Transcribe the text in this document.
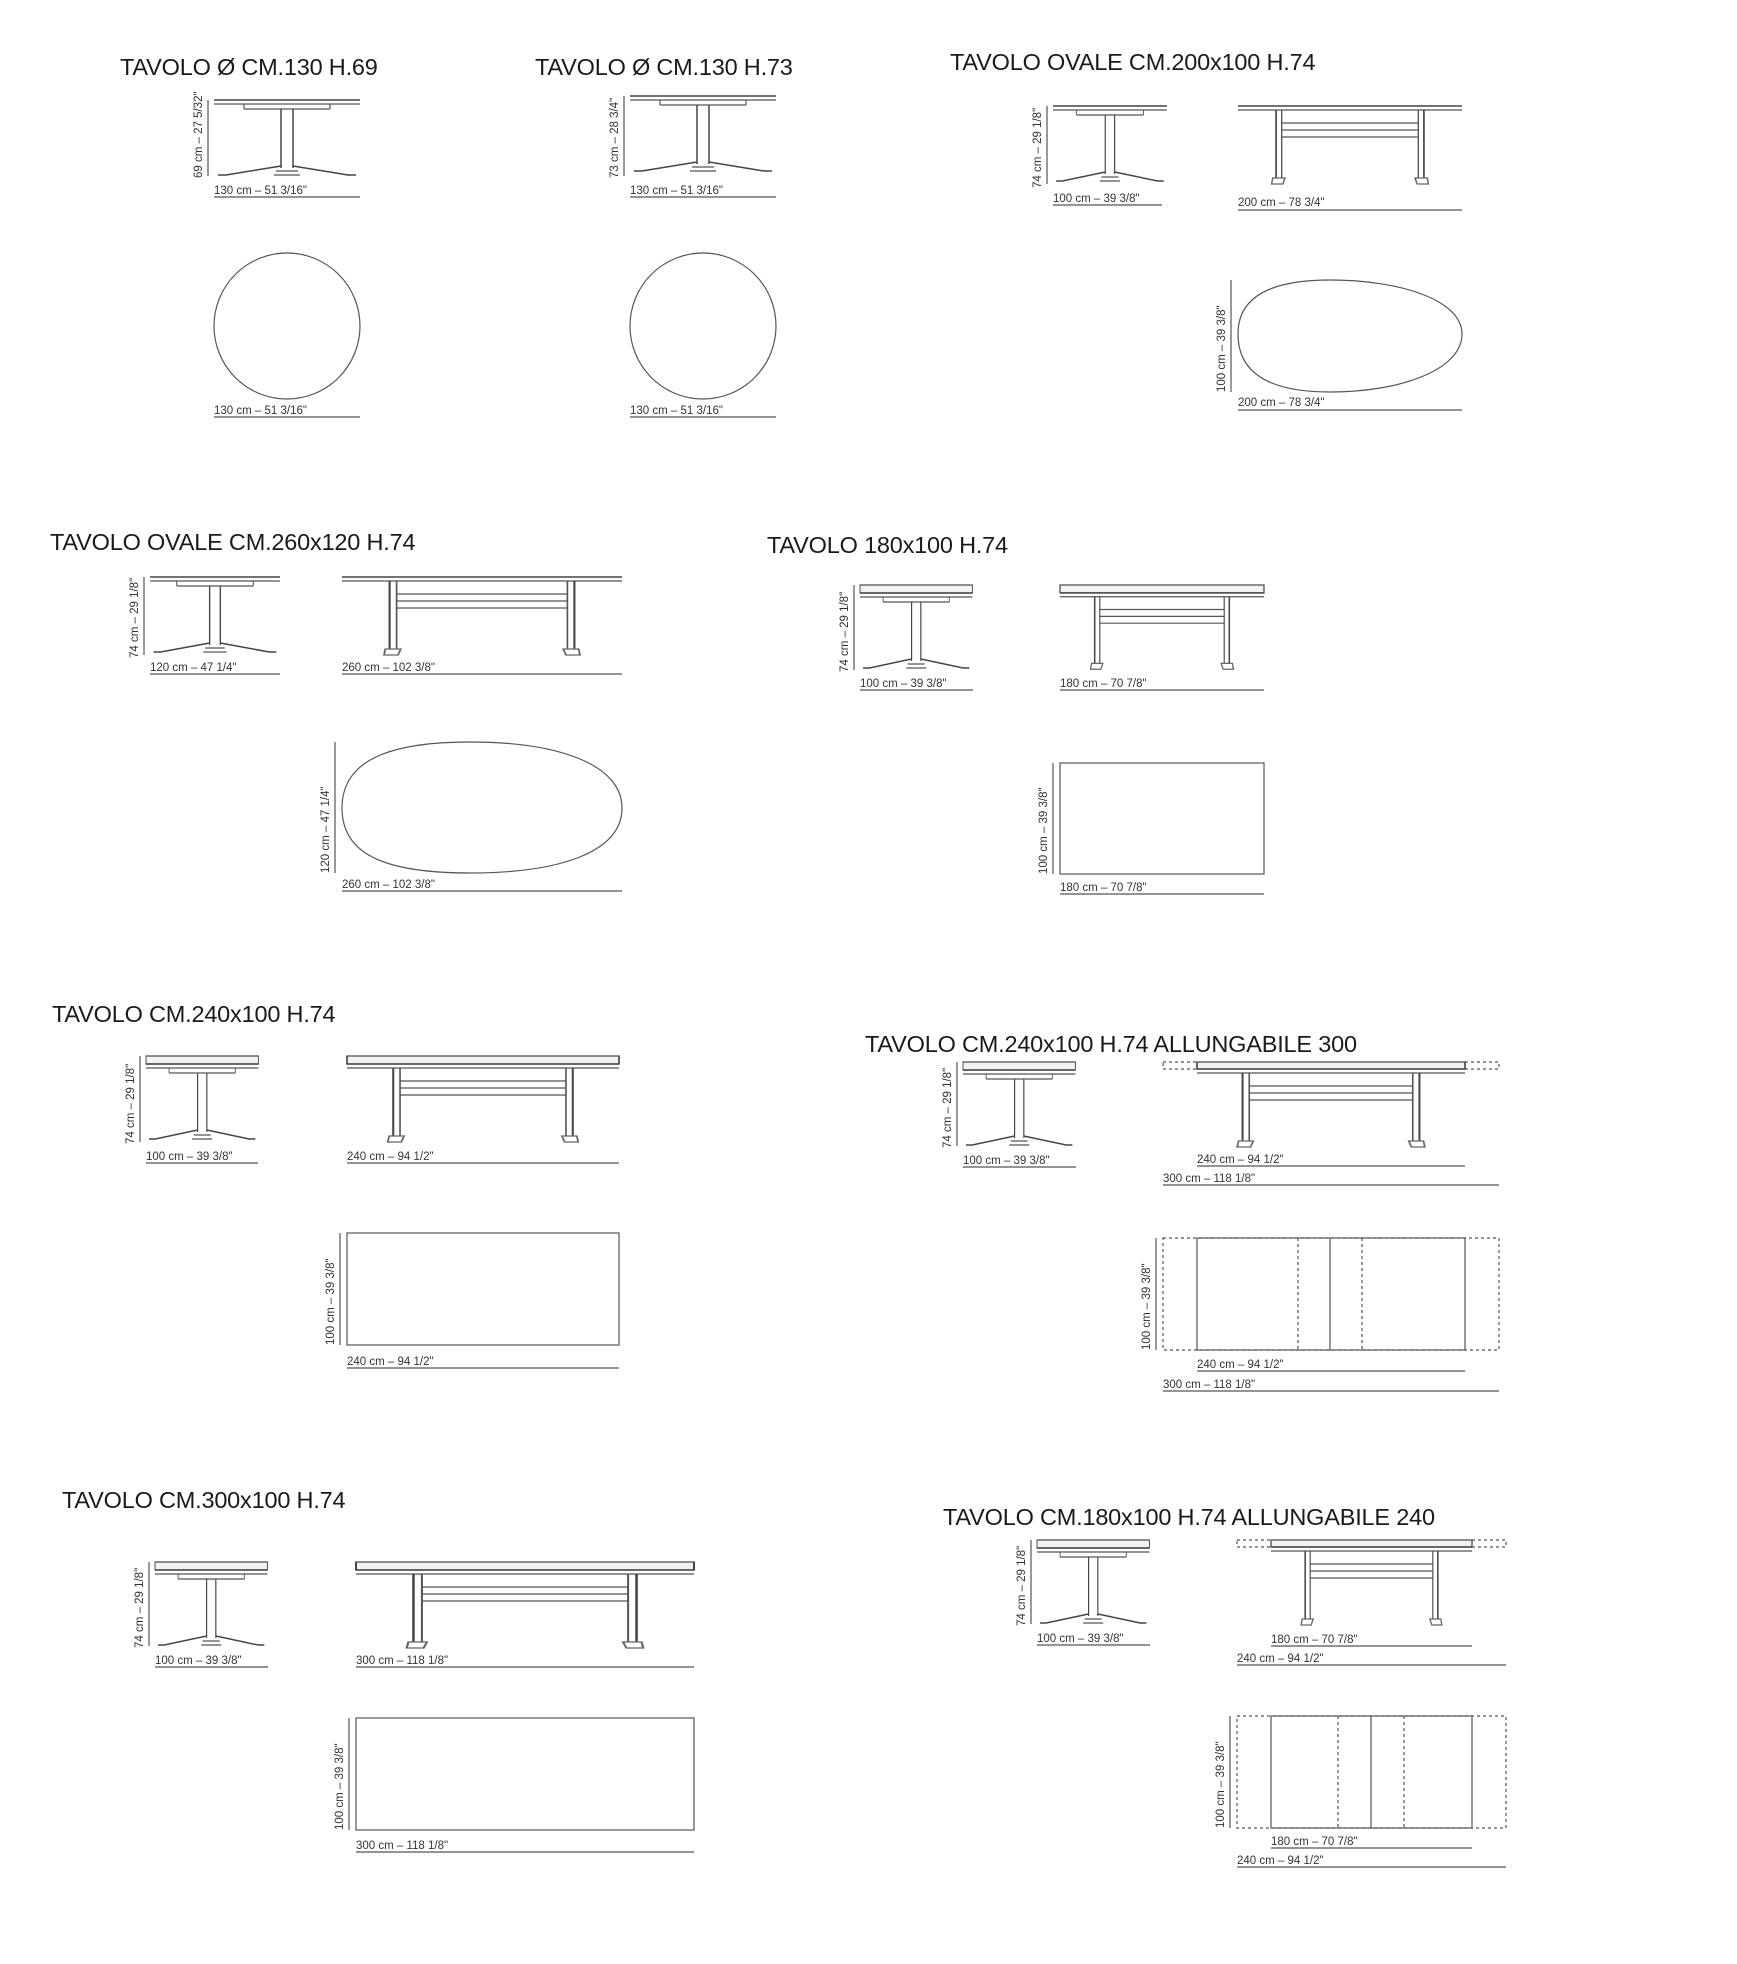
TAVOLO Ø CM.130 H.69
69 cm – 27 5/32"
130 cm – 51 3/16"
130 cm – 51 3/16"
TAVOLO Ø CM.130 H.73
73 cm – 28 3/4"
130 cm – 51 3/16"
130 cm – 51 3/16"
TAVOLO OVALE CM.200x100 H.74
74 cm – 29 1/8"
100 cm – 39 3/8"	200 cm – 78 3/4"
100 cm – 39 3/8"
200 cm – 78 3/4"
TAVOLO OVALE CM.260x120 H.74
74 cm – 29 1/8"
120 cm – 47 1/4"	260 cm – 102 3/8"
120 cm – 47 1/4"
260 cm – 102 3/8"
TAVOLO 180x100 H.74
74 cm – 29 1/8"
100 cm – 39 3/8"	180 cm – 70 7/8"
100 cm – 39 3/8"
180 cm – 70 7/8"
TAVOLO CM.240x100 H.74
74 cm – 29 1/8"
100 cm – 39 3/8"	240 cm – 94 1/2"
100 cm – 39 3/8"
240 cm – 94 1/2"
TAVOLO CM.240x100 H.74 ALLUNGABILE 300
74 cm – 29 1/8"
100 cm – 39 3/8"	240 cm – 94 1/2"
300 cm – 118 1/8"
100 cm – 39 3/8"
240 cm – 94 1/2"
300 cm – 118 1/8"
TAVOLO CM.300x100 H.74
74 cm – 29 1/8"
100 cm – 39 3/8"	300 cm – 118 1/8"
100 cm – 39 3/8"
300 cm – 118 1/8"
TAVOLO CM.180x100 H.74 ALLUNGABILE 240
74 cm – 29 1/8"
100 cm – 39 3/8"	180 cm – 70 7/8"
240 cm – 94 1/2"
100 cm – 39 3/8"
180 cm – 70 7/8"
240 cm – 94 1/2"
